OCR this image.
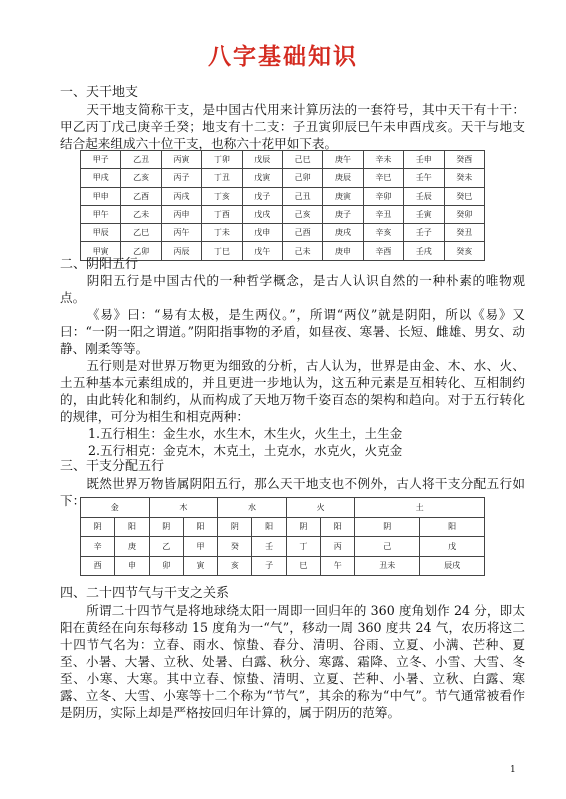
八字基础知识
一、天干地支
天干地支简称干支，是中国古代用来计算历法的一套符号，其中天干有十干：甲乙丙丁戊己庚辛壬癸；地支有十二支：子丑寅卯辰巳午未申酉戌亥。天干与地支结合起来组成六十位干支，也称六十花甲如下表。
甲子	乙丑	丙寅	丁卯	戊辰	己巳	庚午	辛未	壬申	癸酉
甲戌	乙亥	丙子	丁丑	戊寅	己卯	庚辰	辛巳	壬午	癸未
甲申	乙酉	丙戌	丁亥	戊子	己丑	庚寅	辛卯	壬辰	癸巳
甲午	乙未	丙申	丁酉	戊戌	己亥	庚子	辛丑	壬寅	癸卯
甲辰	乙巳	丙午	丁未	戊申	己酉	庚戌	辛亥	壬子	癸丑
甲寅	乙卯	丙辰	丁巳	戊午	己未	庚申	辛酉	壬戌	癸亥
二、阴阳五行
阴阳五行是中国古代的一种哲学概念，是古人认识自然的一种朴素的唯物观点。
《易》曰：“易有太极，是生两仪。”，所谓“两仪”就是阴阳，所以《易》又曰：“一阴一阳之谓道。”阴阳指事物的矛盾，如昼夜、寒暑、长短、雌雄、男女、动静、刚柔等等。
五行则是对世界万物更为细致的分析，古人认为，世界是由金、木、水、火、土五种基本元素组成的，并且更进一步地认为，这五种元素是互相转化、互相制约的，由此转化和制约，从而构成了天地万物千姿百态的架构和趋向。对于五行转化的规律，可分为相生和相克两种：
1.五行相生：金生水，水生木，木生火，火生土，土生金
2.五行相克：金克木，木克土，土克水，水克火，火克金
三、干支分配五行
既然世界万物皆属阴阳五行，那么天干地支也不例外，古人将干支分配五行如下：	金		木		水		火		土	
阴	阳	阴	阳	阴	阳	阴	阳	阴	阳
辛	庚	乙	甲	癸	壬	丁	丙	己	戊
酉	申	卯	寅	亥	子	巳	午	丑未	辰戌
四、二十四节气与干支之关系
所谓二十四节气是将地球绕太阳一周即一回归年的 360 度角划作 24 分，即太阳在黄经在向东每移动 15 度角为一“气”，移动一周 360 度共 24 气，农历将这二十四节气名为：立春、雨水、惊蛰、春分、清明、谷雨、立夏、小满、芒种、夏至、小暑、大暑、立秋、处暑、白露、秋分、寒露、霜降、立冬、小雪、大雪、冬至、小寒、大寒。其中立春、惊蛰、清明、立夏、芒种、小暑、立秋、白露、寒露、立冬、大雪、小寒等十二个称为“节气”，其余的称为“中气”。节气通常被看作是阴历，实际上却是严格按回归年计算的，属于阴历的范筹。
1
